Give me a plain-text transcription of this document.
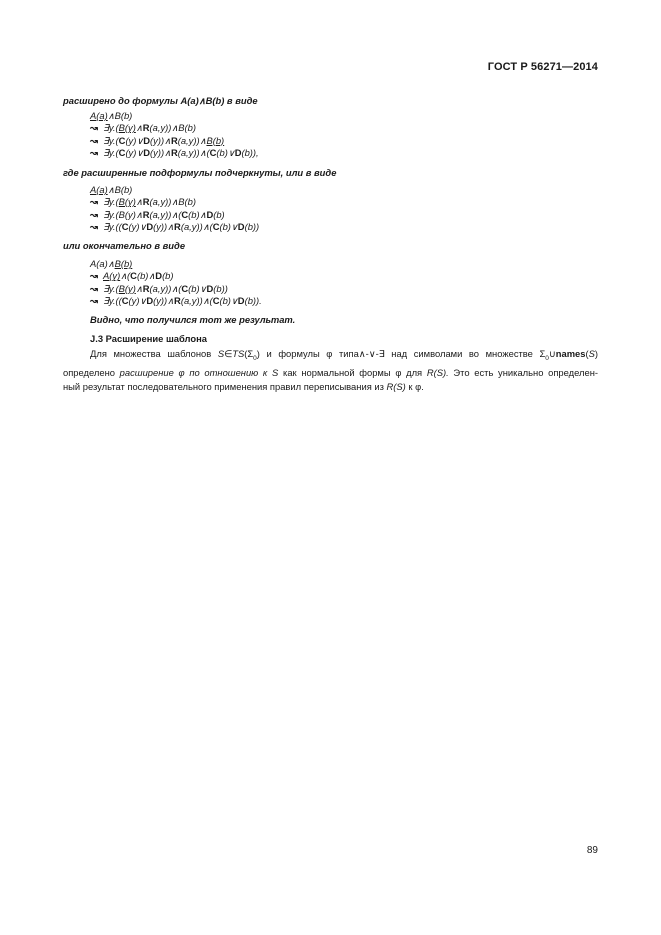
ГОСТ Р 56271—2014
расширено до формулы A(a)∧B(b) в виде
A(a)∧B(b)
↝ ∃y.(B(y)∧R(a,y))∧B(b)
↝ ∃y.(C(y)∨D(y))∧R(a,y))∧B(b)
↝ ∃y.(C(y)∨D(y))∧R(a,y))∧(C(b)∨D(b)),
где расширенные подформулы подчеркнуты, или в виде
A(a)∧B(b)
↝ ∃y.(B(y)∧R(a,y))∧B(b)
↝ ∃y.(B(y)∧R(a,y))∧(C(b)∧D(b)
↝ ∃y.((C(y)∨D(y))∧R(a,y))∧(C(b)∨D(b))
или окончательно в виде
A(a)∧B(b)
↝ A(y)∧(C(b)∧D(b)
↝ ∃y.(B(y)∧R(a,y))∧(C(b)∨D(b))
↝ ∃y.((C(y)∨D(y))∧R(a,y))∧(C(b)∨D(b)).
Видно, что получился тот же результат.
J.3 Расширение шаблона
Для множества шаблонов $S\in TS(\Sigma_0)$ и формулы φ типа∧-∨-∃ над символами во множестве $\Sigma_0\cup names(S)$
определено расширение φ по отношению к S как нормальной формы φ для R(S). Это есть уникально определен-
ный результат последовательного применения правил переписывания из R(S) к φ.
89
